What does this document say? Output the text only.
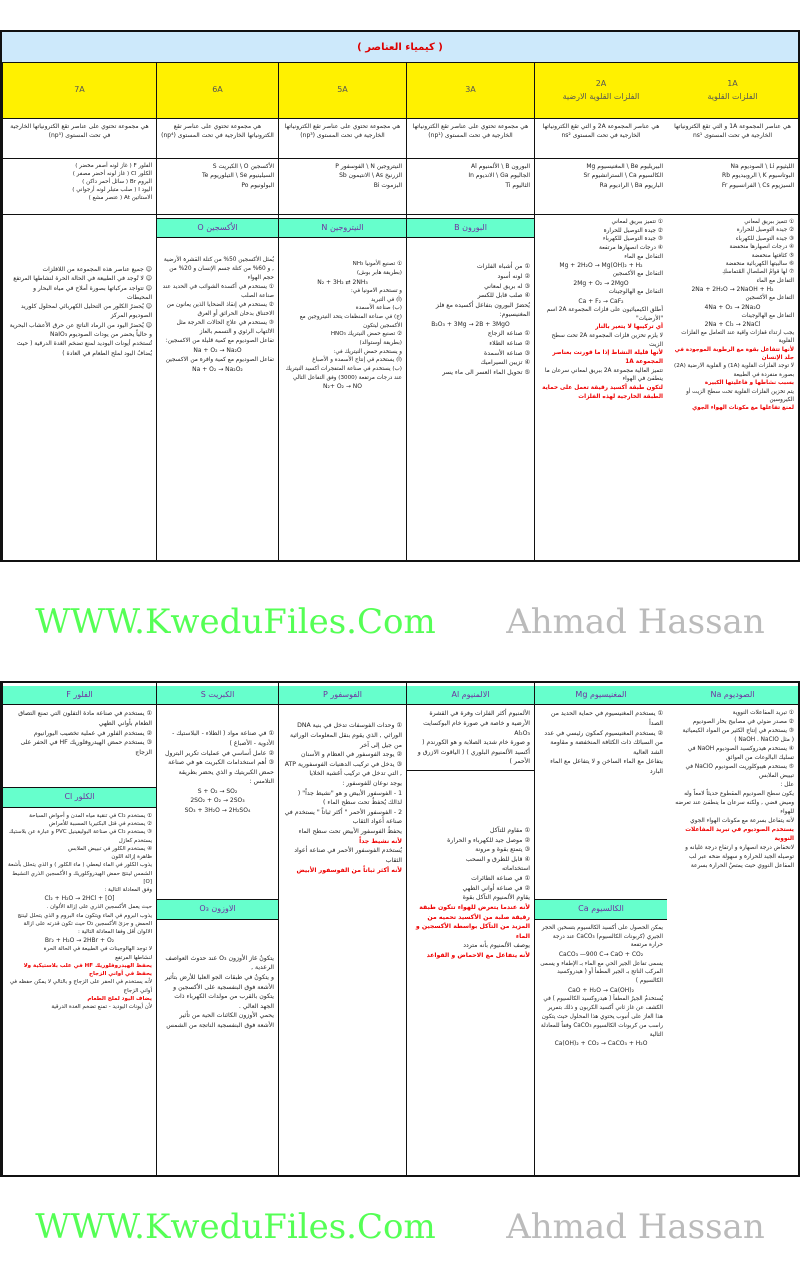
( كيمياء العناصر )
1A
الفلزات القلوية
2A
الفلزات القلوية الارضية
3A
5A
6A
7A
هي عناصر المجموعة 1A و التي تقع الكترونياتها الخارجية في تحت المستوى ns¹
هي عناصر المجموعة 2A و التي تقع الكترونياتها الخارجية في تحت المستوى ns²
هي مجموعة تحتوي على عناصر تقع الكترونياتها الخارجية في تحت المستوى (np¹)
هي مجموعة تحتوي على عناصر تقع الكترونياتها الخارجية في تحت المستوى (np³)
هي مجموعة تحتوي على عناصر تقع الكترونياتها الخارجية في تحت المستوى (np⁴)
هي مجموعة تحتوي على عناصر تقع الكترونياتها الخارجية في تحت المستوى (np⁵)
الليثيوم Li \ الصوديوم Na
البوتاسيوم K \ الروبيديوم Rb
السيزيوم Cs \ الفرانسيوم Fr
البيريليوم Be \ المغنيسيوم Mg
الكالسيوم Ca \ السترانشيوم Sr
الباريوم Ba \ الراديوم Ra
البورون B \ الألمنيوم Al
الجاليوم Ga \ الانديوم In
الثاليوم Ti
النيتروجين N \ الفوسفور P
الزرنيخ As \ الانتيمون Sb
البزموت Bi
الأكسجين O \ الكبريت S
السيلينيوم Se \ التيلوريوم Te
البولونيوم Po
الفلور F ( غاز لونه أصفر مخضر )
الكلور Cl ( غاز لونه أخضر مصفر )
البروم Br ( سائل أحمر داكن )
اليود I ( صلب متبلر لونه أرجواني )
الاستاتين At ( عنصر مشع )
① تتميز ببريق لمعاني
② جيدة التوصيل للحرارة
③ جيدة التوصيل للكهرباء
④ درجات انصهارها منخفضة
⑤ كثافتها منخفضة
⑥ سالبيتها الكهربائية منخفضة
⑦ لها قوامُ الصلصالِ المُتماسكِ
التفاعل مع الماء
2Na + 2H₂O → 2NaOH + H₂
التفاعل مع الأكسجين
4Na + O₂ → 2Na₂O
التفاعل مع الهالوجينات
2Na + Cl₂ → 2NaCl
يجب ارتداء قفازات واقية عند التعامل مع الفلزات القلوية
لأنها تتفاعل بقوة مع الرطوبة الموجودة في جلد الإنسان
لا توجد الفلزات القلوية (1A) و القلوية الارضية (2A) بصورة منفردة في الطبيعة
بسبب نشاطها و فاعليتها الكبيرة
يتم تخزين الفلزات القلوية تحت سطح الزيت أو الكيروسين
لمنع تفاعلها مع مكونات الهواء الجوي
① تتميز ببريق لمعاني
② جيدة التوصيل للحرارة
③ جيدة التوصيل للكهرباء
④ درجات انصهارها مرتفعة
التفاعل مع الماء
Mg + 2H₂O → Mg(OH)₂ + H₂
التفاعل مع الأكسجين
2Mg + O₂ → 2MgO
التفاعل مع الهالوجينات
Ca + F₂ → CaF₂
أطلق الكيميائيون على فلزات المجموعة 2A اسم "الأرضيات"
أي تركيبها لا يتغير بالنار
لا يلزم تخزين فلزات المجموعة 2A تحت سطح الزيت
لأنها قليلة النشاط إذا ما قورنت بعناصر المجموعة 1A
تتميز العالية مجموعة 2A ببريق لمعاني سرعان ما ينطفئ في الهواء
لتكون طبقة أكسيد رقيقة تعمل على حماية الطبقة الخارجية لهذه الفلزات
البورون B
① من أشباه الفلزات
② لونه أسود
③ له بريق لمعاني
④ صلب قابل للكسر
يُحضرُ البورون بتفاعل أكسيده مع فلز المغنيسيوم:
B₂O₃ + 3Mg → 2B + 3MgO
① صناعة الزجاج
② صناعة الطلاء
③ صناعة الأسمدة
④ تزيين السيراميك
⑤ تحويل الماء العسر الى ماء يسر
النيتروجين N
① تصنيع الأمونيا NH₃
(بطريقة هابر بوش)
N₂ + 3H₂ ⇄ 2NH₃
و تستخدم الامونيا في:
(أ) في التبريد
(ب) صناعة الأسمدة
(ج) في صناعة المنظفات يتحد النيتروجين مع الأكسجين ليتكون
② تصنيع حمض النيتريك HNO₃
(بطريقة أوستوالد)
و يستخدم حمض النيتريك في:
(أ) يستخدم في إنتاج الأسمدة و الأصباغ
(ب) يستخدم في صناعة المتفجرات أكسيد النيتريك عند درجات مرتفعة (3000) وفق التفاعل التالي
N₂+ O₂ → NO
الأكسجين O
يُمثل الأكسجين 50% من كتلة القشرة الأرضية , و 60% من كتلة جسم الإنسان و 20% من حجم الهواء
① يستخدم في أكسدة الشوائب في الحديد عند صناعة الصلب
② يستخدم في إنقاذ الضحايا الذين يعانون من الاختناق بدخان الحرائق أو الغرق
③ يستخدم في علاج الحالات الحرجة مثل الالتهاب الرئوي و التسمم بالغاز
تفاعل الصوديوم مع كمية قليلة من الاكسجين:
Na + O₂ → Na₂O
تفاعل الصوديوم مع كمية وافرة من الاكسجين
Na + O₂ → Na₂O₂
☺ جميع عناصر هذه المجموعة من اللافلزات
☺ لا تُوجد في الطبيعة في الحالة الحرة لنشاطها المرتفع
☺ تتواجد مركباتها بصورة أملاح في مياه البحار و المحيطات
☺ يُحضرُ الكلور من التحليل الكهربائي لمحلول كلوريد الصوديوم المركز
☺ يُحضرُ اليود من الرماد الناتج عن حرق الأعشاب البحرية و حالياً يحضر من يودات الصوديوم NaIO₃
تُستخدم أيونات اليوديد لمنع تضخم الغدة الدرقية ( حيث يُضافُ اليود لملح الطعام في العادة )
WWW.KweduFiles.Com Ahmad Hassan
الصوديوم Na
① تبريد المفاعلات النووية
② مصدر ضوئي في مصابيح بخار الصوديوم
③ يستخدم في إنتاج الكثير من المواد الكيميائية
( مثل NaOH . NaClO )
④ يستخدم هيدروكسيد الصوديوم NaOH في تسليك البالوعات من العوائق
⑤ يستخدم هيبوكلوريت الصوديوم NaClO في تبييض الملابس
علل :
يكون سطح الصوديوم المقطوع حديثاً لامعاً وله وميض فضي , ولكنه سرعان ما ينطفئ عند تعرضه للهواء
لأنه يتفاعل بسرعة مع مكونات الهواء الجوي
يستخدم الصوديوم في تبريد المفاعلات النووية
لانخفاض درجة انصهاره و ارتفاع درجة غليانه و توصيله الجيد للحرارة و سهولة ضخه عبر لب المفاعل النووي حيث يمتصُ الحرارة بسرعة
المغنيسيوم Mg
① يستخدم المغنيسيوم في حماية الحديد من الصدأ
② يستخدم المغنيسيوم كمكون رئيسي في عدد من السبائك ذات الكثافة المنخفضة و مقاومة الشد العالية
يتفاعل مع الماء الساخن و لا يتفاعل مع الماء البارد
الكالسيوم Ca
يمكن الحصول على أكسيد الكالسيوم بتسخين الحجر الجيري (كربونات الكالسيوم) CaCO₃ عند درجة حرارة مرتفعة
CaCO₃ —900 C→ CaO + CO₂
يسمى تفاعل الجير الحي مع الماء بـ الإطفاء و يسمى المركب الناتج بـ الجير المطفأ أو ( هيدروكسيد الكالسيوم )
CaO + H₂O → Ca(OH)₂
يُستخدمُ الجيرُ المطفأ ( هيدروكسيد الكالسيوم ) في الكشف عن غاز ثاني أكسيد الكربون و ذلك بتمرير هذا الغاز على أنبوب يحتوي هذا المحلول حيث يتكون راسب من كربونات الكالسيوم CaCO₃ وفقاً للمعادلة التالية
Ca(OH)₂ + CO₂ → CaCO₃ + H₂O
الالمنيوم Al
الألمنيوم أكثر الفلزات وفرة في القشرة الأرضية و خاصة في صورة خام البوكسايت Al₂O₃
و صورة خام شديد الصلابة و هو الكورندم ( أكسيد الألمنيوم البلوري ) ( الياقوت الازرق و الأحمر )
① مقاوم للتآكل
② موصل جيد للكهرباء و الحرارة
③ يتمتع بقوة و مرونة
④ قابل للطرق و السحب
استخداماته
① في صناعة الطائرات
② في صناعة أواني الطهي
يقاوم الألمنيوم التآكل بقوة
لأنه عندما يتعرض للهواء تتكون طبقة رقيقة صلبة من الأكسيد تحميه من المزيد من التآكل بواسطة الأكسجين و الماء
يوصف الألمنيوم بأنه متردد
لأنه يتفاعل مع الاحماض و القواعد
الفوسفور P
① وحدات الفوسفات تدخل في بنية DNA الوراثي , الذي يقوم بنقل المعلومات الوراثية من جيل إلى آخر
② يوجد الفوسفور في العظام و الأسنان
③ يدخل في تركيب الدهنيات الفوسفورية ATP , التي تدخل في تركيب أغشية الخلايا
يوجد نوعان للفوسفور :
1 - الفوسفور الأبيض و هو "نشيط جداً" ( لذالك يُحفظُ تحت سطح الماء )
2 - الفوسفور الأحمر " أكثر ثباتاً " يستخدم في صناعة أعواد الثقاب
يحفظُ الفوسفور الأبيض تحت سطح الماء
لأنه نشيط جداً
يُستخدم الفوسفور الأحمر في صناعة أعواد الثقاب
لأنه أكثر ثباتاً من الفوسفور الأبيض
الكبريت S
① في صناعة مواد ( الطلاء - البلاستيك - الأدوية - الأصباغ )
② عامل أساسي في عمليات تكرير البترول
③ أهم استخدامات الكبريت هو في صناعة حمض الكبريتيك و الذي يحضر بطريقة التلامس :
S + O₂ → SO₂
2SO₂ + O₂ → 2SO₃
SO₃ + 3H₂O → 2H₂SO₄
الاوزون O₃
يتكونُ غاز الأوزون O₃ عند حدوث العواصف الرعدية ,
و يتكونُ في طبقات الجو العليا للأرض بتأثير الأشعة فوق البنفسجية على الأكسجين و يتكون بالقرب من مولدات الكهرباء ذات الجهد العالي .
يحمي الأوزون الكائنات الحية من تأثير الأشعة فوق البنفسجية الناتجة من الشمس
الفلور F
① يستخدم في صناعة مادة التفلون التي تمنع التصاق الطعام بأواني الطهي
② يستخدم الفلور في عملية تخصيب اليورانيوم
③ يستخدم حمض الهيدروفلوريك HF في الحفر على الزجاج
الكلور Cl
① يستخدم Cl₂ في تنقية مياه المدن و أحواض السباحة
② يستخدم في قتل البكتيريا المسببة للأمراض
③ يستخدم Cl₂ في صناعة البوليفينيل PVC و عبارة عن بلاستيك يستخدم كعازل
④ يستخدم الكلور في تبييض الملابس
ظاهرة إزالة اللون
يذوب الكلور في الماء ليعطي ( ماء الكلور ) و الذي يتحلل بأشعة الشمس لينتج حمض الهيدروكلوريك و الأكسجين الذري النشيط [O]
وفق المعادلة التالية :
Cl₂ + H₂O → 2HCl + [O]
حيث يعمل الأكسجين الذري على إزالة الألوان .
يذوب البروم في الماء ويتكون ماء البروم و الذي يتحلل لينتج الحمض و جزئ الأكسجين O₂ حيث تكون قدرته على ازالة الالوان أقل وفقا المعادلة التالية :
Br₂ + H₂O → 2HBr + O₂
لا توجد الهالوجينات في الطبيعة في الحالة الحرة
لنشاطها المرتفع
يحفظ الهيدروفلوريك HF في علب بلاستيكية ولا يحفظ في أواني الزجاج
لأنه يستخدم في الحفر على الزجاج و بالتالي لا يمكن حفظه في أواني الزجاج
يضاف اليود لملح الطعام
لأن أيونات اليوديد - تمنع تضخم الغدة الدرقية
WWW.KweduFiles.Com Ahmad Hassan
